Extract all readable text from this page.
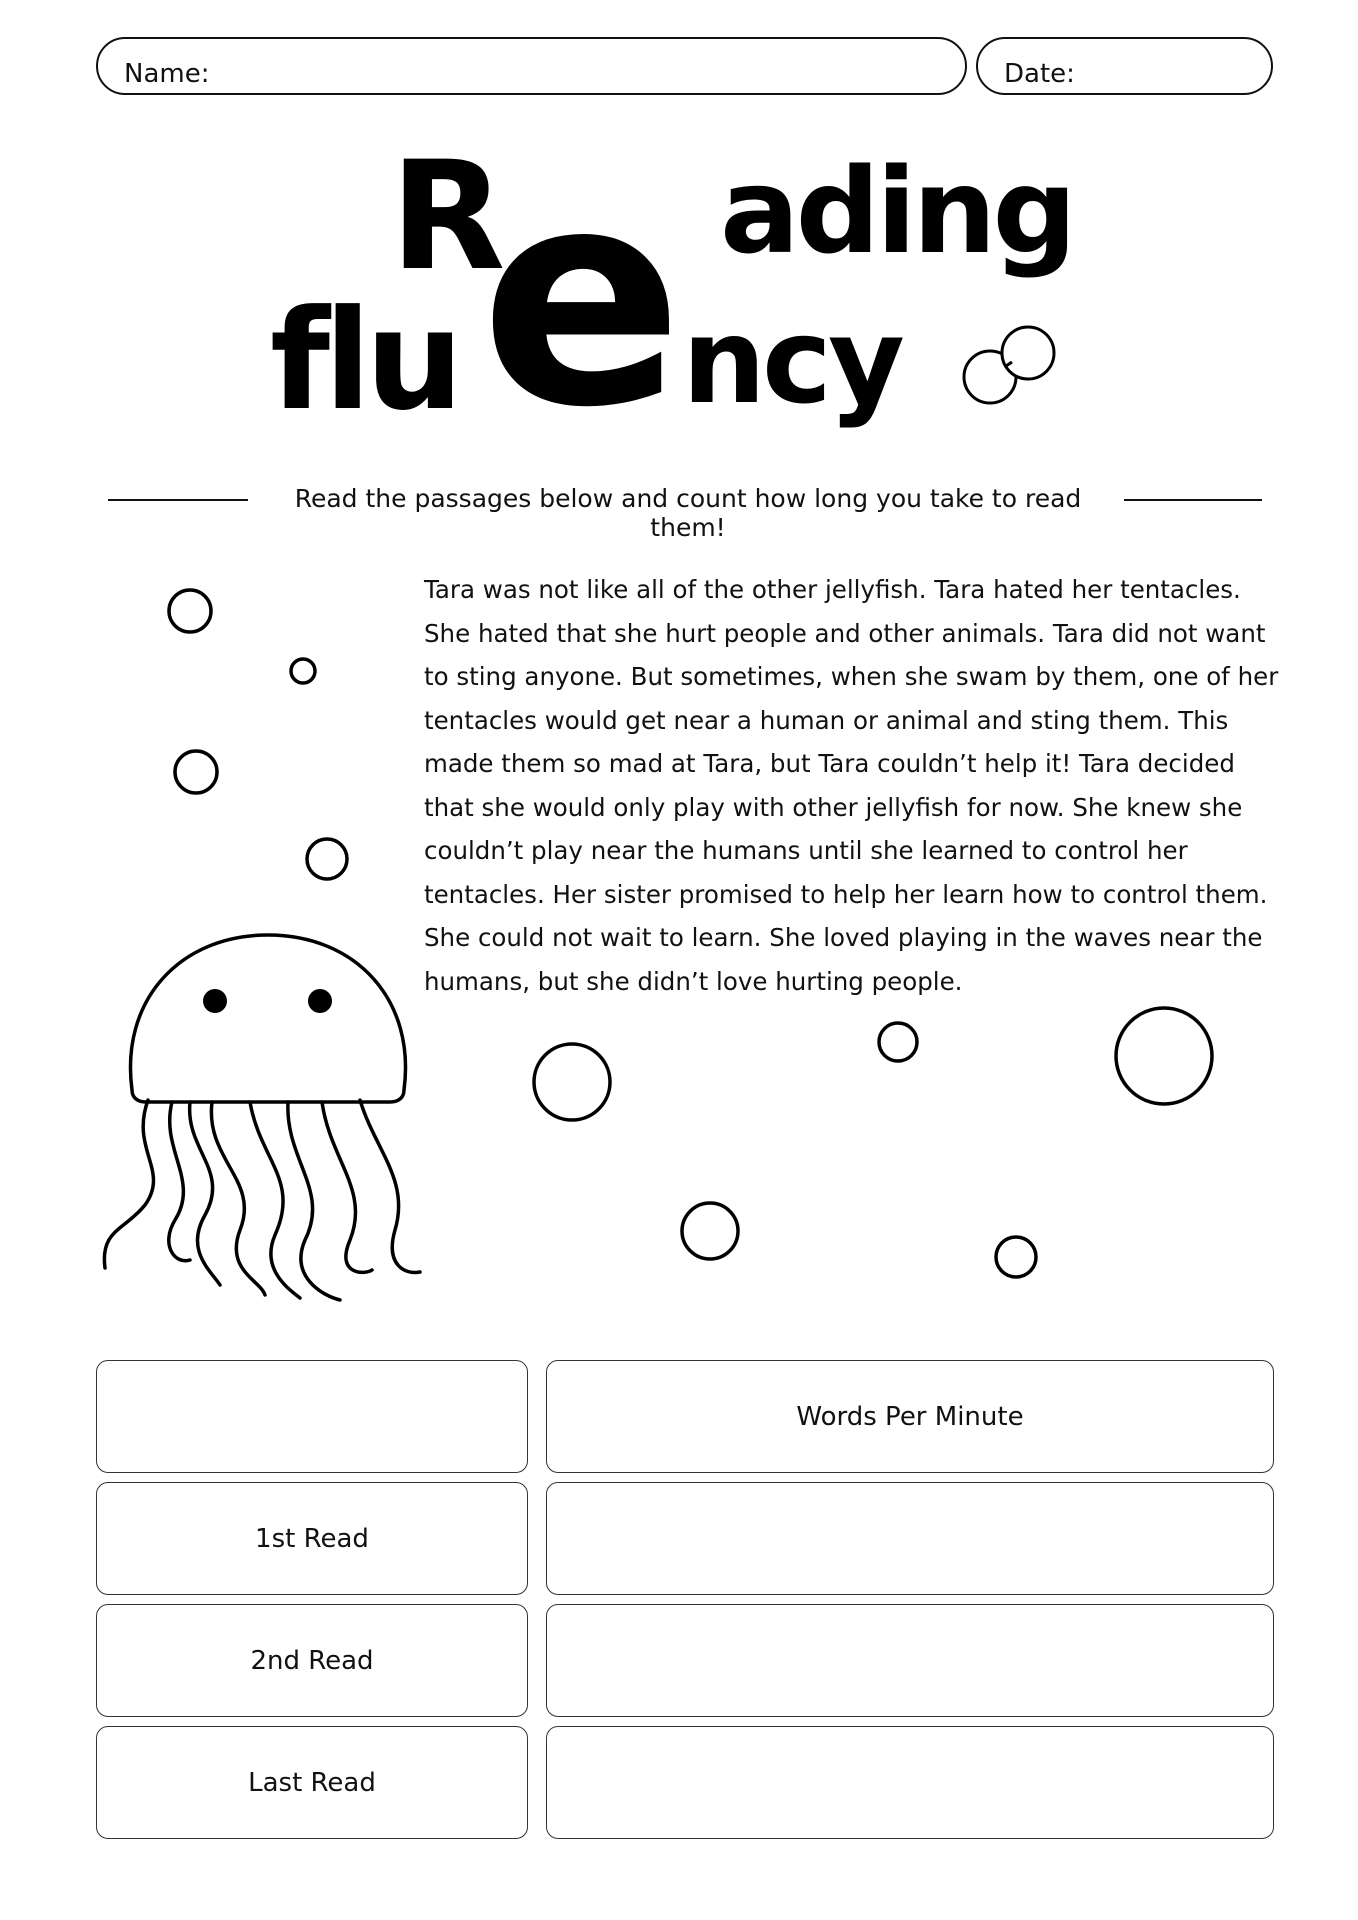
Name:	Date:
R
e ading
flu ncy
Read the passages below and count how long you take to read them!

Tara was not like all of the other jellyfish. Tara hated her tentacles. She hated that she hurt people and other animals. Tara did not want to sting anyone. But sometimes, when she swam by them, one of her tentacles would get near a human or animal and sting them. This made them so mad at Tara, but Tara couldn’t help it! Tara decided that she would only play with other jellyfish for now. She knew she couldn’t play near the humans until she learned to control her tentacles. Her sister promised to help her learn how to control them. She could not wait to learn. She loved playing in the waves near the humans, but she didn’t love hurting people.

Words Per Minute
1st Read
2nd Read
Last Read
